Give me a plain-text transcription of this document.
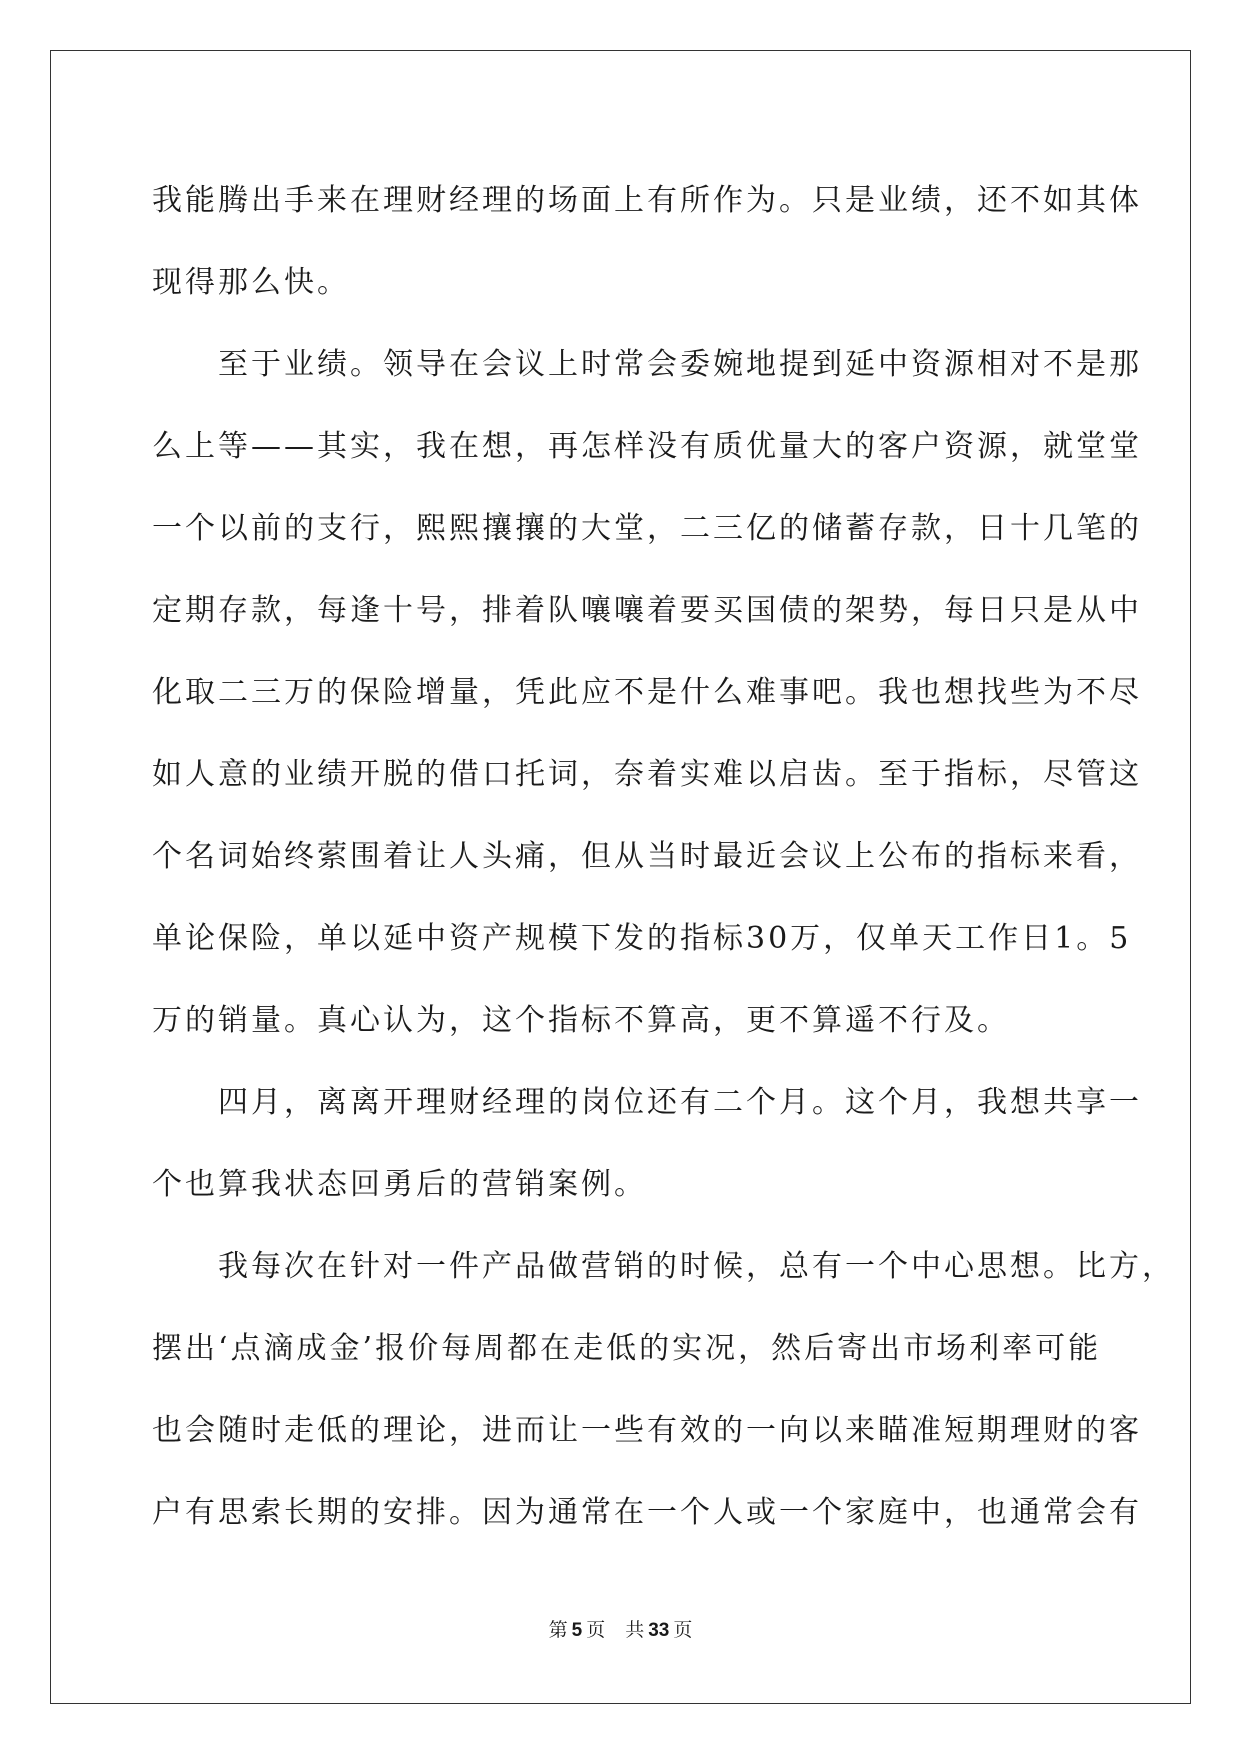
我能腾出手来在理财经理的场面上有所作为。只是业绩，还不如其体
现得那么快。
　　至于业绩。领导在会议上时常会委婉地提到延中资源相对不是那
么上等——其实，我在想，再怎样没有质优量大的客户资源，就堂堂
一个以前的支行，熙熙攘攘的大堂，二三亿的储蓄存款，日十几笔的
定期存款，每逢十号，排着队嚷嚷着要买国债的架势，每日只是从中
化取二三万的保险增量，凭此应不是什么难事吧。我也想找些为不尽
如人意的业绩开脱的借口托词，奈着实难以启齿。至于指标，尽管这
个名词始终萦围着让人头痛，但从当时最近会议上公布的指标来看，
单论保险，单以延中资产规模下发的指标30万，仅单天工作日1。5
万的销量。真心认为，这个指标不算高，更不算遥不行及。
　　四月，离离开理财经理的岗位还有二个月。这个月，我想共享一
个也算我状态回勇后的营销案例。
　　我每次在针对一件产品做营销的时候，总有一个中心思想。比方，
摆出‘点滴成金’报价每周都在走低的实况，然后寄出市场利率可能
也会随时走低的理论，进而让一些有效的一向以来瞄准短期理财的客
户有思索长期的安排。因为通常在一个人或一个家庭中，也通常会有
第 5 页 共 33 页
